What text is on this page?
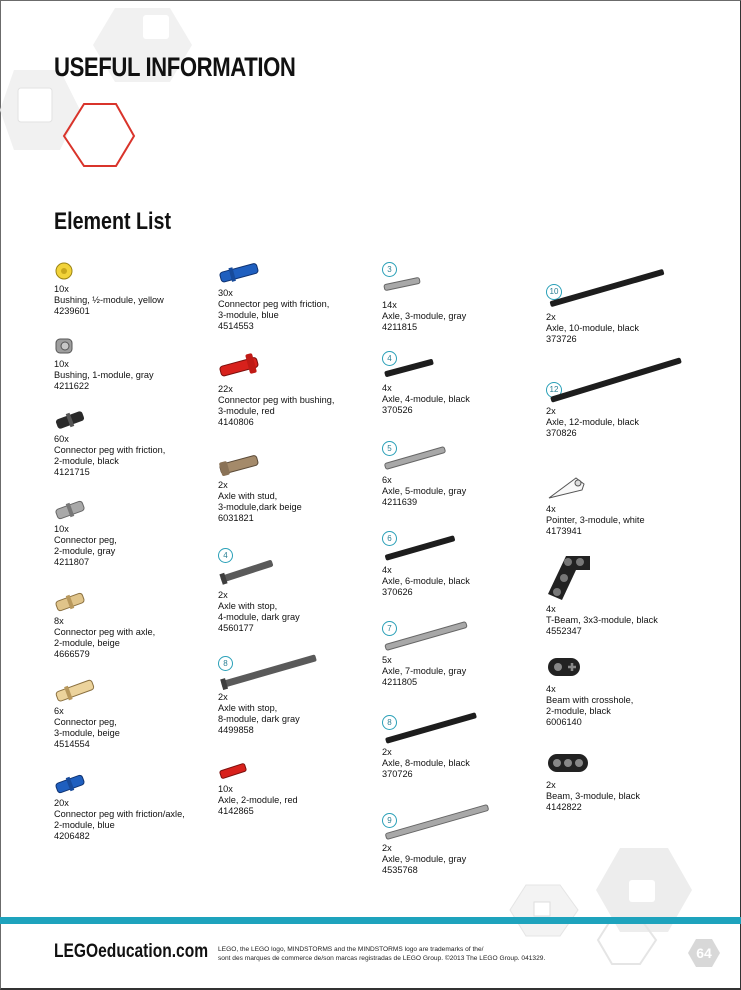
USEFUL INFORMATION
Element List
10x
Bushing, ½-module, yellow
4239601
10x
Bushing, 1-module, gray
4211622
60x
Connector peg with friction,
2-module, black
4121715
10x
Connector peg,
2-module, gray
4211807
8x
Connector peg with axle,
2-module, beige
4666579
6x
Connector peg,
3-module, beige
4514554
20x
Connector peg with friction/axle,
2-module, blue
4206482
30x
Connector peg with friction,
3-module, blue
4514553
22x
Connector peg with bushing,
3-module, red
4140806
2x
Axle with stud,
3-module,dark beige
6031821
4
2x
Axle with stop,
4-module, dark gray
4560177
8
2x
Axle with stop,
8-module, dark gray
4499858
10x
Axle, 2-module, red
4142865
3
14x
Axle, 3-module, gray
4211815
4
4x
Axle, 4-module, black
370526
5
6x
Axle, 5-module, gray
4211639
6
4x
Axle, 6-module, black
370626
7
5x
Axle, 7-module, gray
4211805
8
2x
Axle, 8-module, black
370726
9
2x
Axle, 9-module, gray
4535768
10
2x
Axle, 10-module, black
373726
12
2x
Axle, 12-module, black
370826
4x
Pointer, 3-module, white
4173941
4x
T-Beam, 3x3-module, black
4552347
4x
Beam with crosshole,
2-module, black
6006140
2x
Beam, 3-module, black
4142822
LEGOeducation.com LEGO, the LEGO logo, MINDSTORMS and the MINDSTORMS logo are trademarks of the/
sont des marques de commerce de/son marcas registradas de LEGO Group. ©2013 The LEGO Group. 041329.	64
